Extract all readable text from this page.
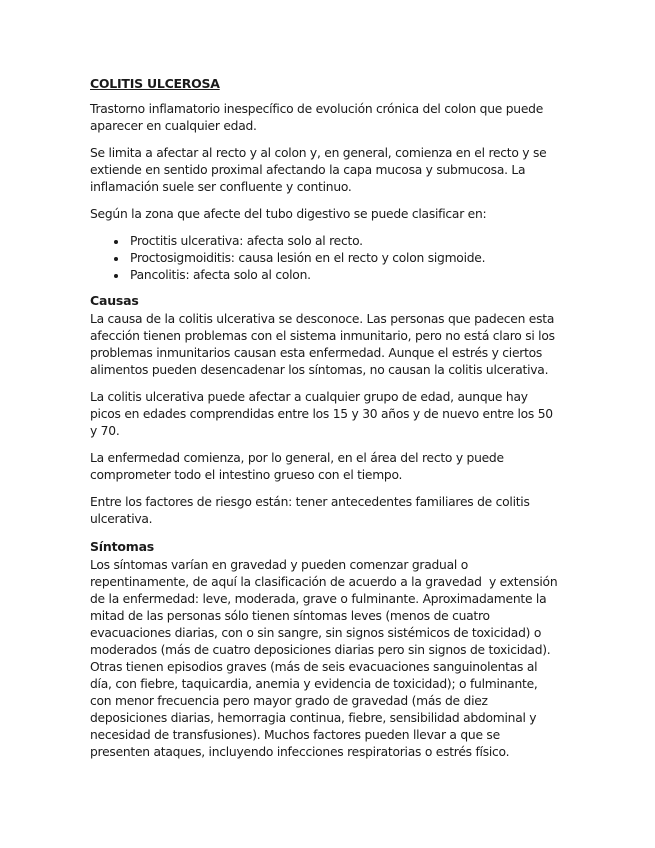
COLITIS ULCEROSA

Trastorno inflamatorio inespecífico de evolución crónica del colon que puede aparecer en cualquier edad.

Se limita a afectar al recto y al colon y, en general, comienza en el recto y se extiende en sentido proximal afectando la capa mucosa y submucosa. La inflamación suele ser confluente y continuo.

Según la zona que afecte del tubo digestivo se puede clasificar en:

• Proctitis ulcerativa: afecta solo al recto.
• Proctosigmoiditis: causa lesión en el recto y colon sigmoide.
• Pancolitis: afecta solo al colon.
Causas

La causa de la colitis ulcerativa se desconoce. Las personas que padecen esta afección tienen problemas con el sistema inmunitario, pero no está claro si los problemas inmunitarios causan esta enfermedad. Aunque el estrés y ciertos alimentos pueden desencadenar los síntomas, no causan la colitis ulcerativa.

La colitis ulcerativa puede afectar a cualquier grupo de edad, aunque hay picos en edades comprendidas entre los 15 y 30 años y de nuevo entre los 50 y 70.

La enfermedad comienza, por lo general, en el área del recto y puede comprometer todo el intestino grueso con el tiempo.

Entre los factores de riesgo están: tener antecedentes familiares de colitis ulcerativa.

Síntomas

Los síntomas varían en gravedad y pueden comenzar gradual o repentinamente, de aquí la clasificación de acuerdo a la gravedad  y extensión de la enfermedad: leve, moderada, grave o fulminante. Aproximadamente la mitad de las personas sólo tienen síntomas leves (menos de cuatro evacuaciones diarias, con o sin sangre, sin signos sistémicos de toxicidad) o moderados (más de cuatro deposiciones diarias pero sin signos de toxicidad). Otras tienen episodios graves (más de seis evacuaciones sanguinolentas al día, con fiebre, taquicardia, anemia y evidencia de toxicidad); o fulminante, con menor frecuencia pero mayor grado de gravedad (más de diez deposiciones diarias, hemorragia continua, fiebre, sensibilidad abdominal y necesidad de transfusiones). Muchos factores pueden llevar a que se presenten ataques, incluyendo infecciones respiratorias o estrés físico.
